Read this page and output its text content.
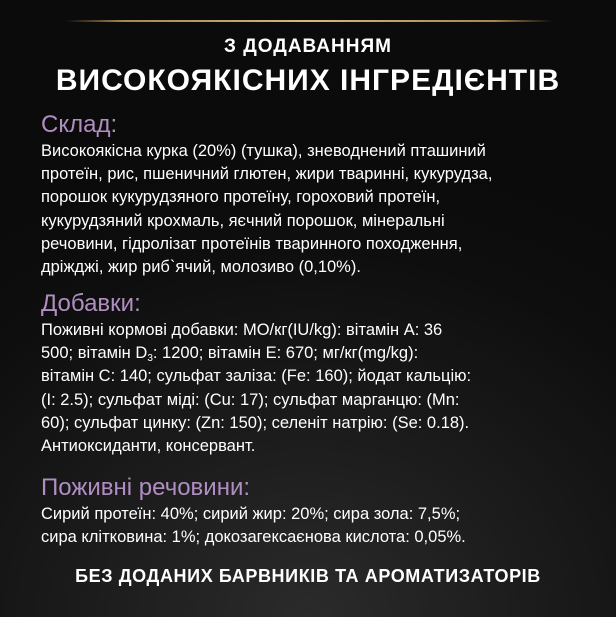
З ДОДАВАННЯМ
ВИСОКОЯКІСНИХ ІНГРЕДІЄНТІВ
Склад:
Високоякісна курка (20%) (тушка), зневоднений пташиний
протеїн, рис, пшеничний глютен, жири тваринні, кукурудза,
порошок кукурудзяного протеїну, гороховий протеїн,
кукурудзяний крохмаль, яєчний порошок, мінеральні
речовини, гідролізат протеїнів тваринного походження,
дріжджі, жир риб`ячий, молозиво (0,10%).
Добавки:
Поживні кормові добавки: МО/кг(IU/kg): вітамін А: 36
500; вітамін $D_3$: 1200; вітамін E: 670; мг/кг(mg/kg):
вітамін С: 140; сульфат заліза: (Fe: 160); йодат кальцію:
(I: 2.5); сульфат міді: (Cu: 17); сульфат марганцю: (Mn:
60); сульфат цинку: (Zn: 150); селеніт натрію: (Se: 0.18).
Антиоксиданти, консервант.
Поживні речовини:
Сирий протеїн: 40%; сирий жир: 20%; сира зола: 7,5%;
сира клітковина: 1%; докозагексаєнова кислота: 0,05%.
БЕЗ ДОДАНИХ БАРВНИКІВ ТА АРОМАТИЗАТОРІВ
